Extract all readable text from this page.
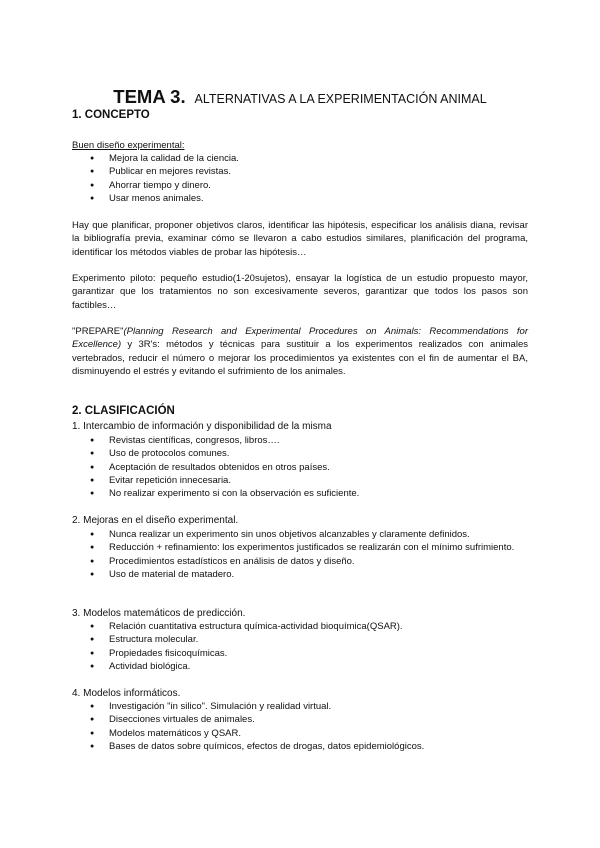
TEMA 3. ALTERNATIVAS A LA EXPERIMENTACIÓN ANIMAL
1. CONCEPTO

Buen diseño experimental:

● Mejora la calidad de la ciencia.
● Publicar en mejores revistas.
● Ahorrar tiempo y dinero.
● Usar menos animales.

Hay que planificar, proponer objetivos claros, identificar las hipótesis, especificar los análisis diana, revisar la bibliografía previa, examinar cómo se llevaron a cabo estudios similares, planificación del programa, identificar los métodos viables de probar las hipótesis…

Experimento piloto: pequeño estudio(1-20sujetos), ensayar la logística de un estudio propuesto mayor, garantizar que los tratamientos no son excesivamente severos, garantizar que todos los pasos son factibles…

"PREPARE"(Planning Research and Experimental Procedures on Animals: Recommendations for Excellence) y 3R's: métodos y técnicas para sustituir a los experimentos realizados con animales vertebrados, reducir el número o mejorar los procedimientos ya existentes con el fin de aumentar el BA, disminuyendo el estrés y evitando el sufrimiento de los animales.

2. CLASIFICACIÓN

1. Intercambio de información y disponibilidad de la misma

● Revistas científicas, congresos, libros….
● Uso de protocolos comunes.
● Aceptación de resultados obtenidos en otros países.
● Evitar repetición innecesaria.
● No realizar experimento si con la observación es suficiente.

2. Mejoras en el diseño experimental.

● Nunca realizar un experimento sin unos objetivos alcanzables y claramente definidos.
● Reducción + refinamiento: los experimentos justificados se realizarán con el mínimo sufrimiento.
● Procedimientos estadísticos en análisis de datos y diseño.
● Uso de material de matadero.

3. Modelos matemáticos de predicción.

● Relación cuantitativa estructura química-actividad bioquímica(QSAR).
● Estructura molecular.
● Propiedades fisicoquímicas.
● Actividad biológica.

4. Modelos informáticos.

● Investigación "in silico". Simulación y realidad virtual.
● Disecciones virtuales de animales.
● Modelos matemáticos y QSAR.
● Bases de datos sobre químicos, efectos de drogas, datos epidemiológicos.
